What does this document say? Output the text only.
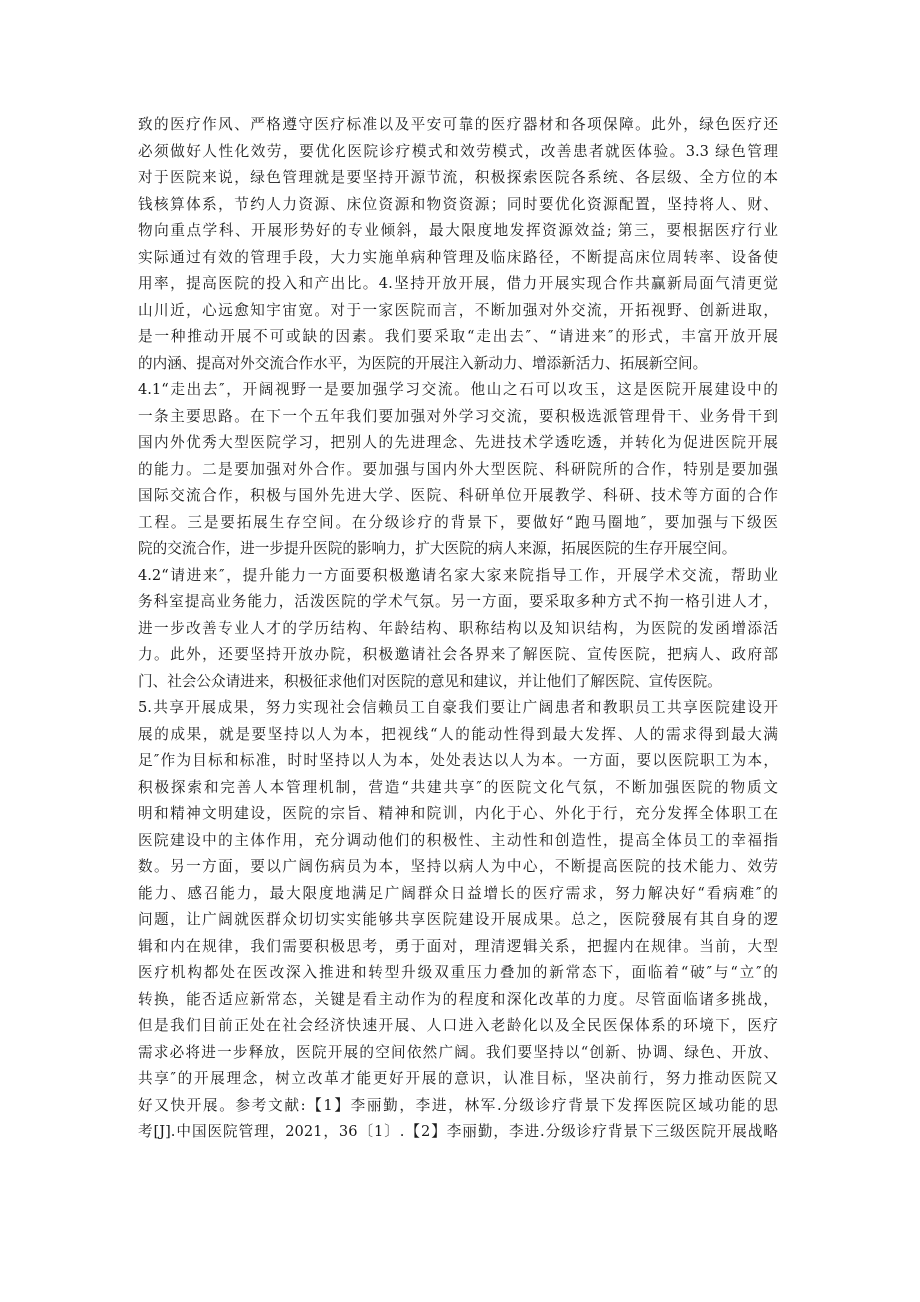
致的医疗作风、严格遵守医疗标准以及平安可靠的医疗器材和各项保障。此外，绿色医疗还
必须做好人性化效劳，要优化医院诊疗模式和效劳模式，改善患者就医体验。3.3 绿色管理
对于医院来说，绿色管理就是要坚持开源节流，积极探索医院各系统、各层级、全方位的本
钱核算体系，节约人力资源、床位资源和物资资源；同时要优化资源配置，坚持将人、财、
物向重点学科、开展形势好的专业倾斜，最大限度地发挥资源效益; 第三，要根据医疗行业
实际通过有效的管理手段，大力实施单病种管理及临床路径，不断提高床位周转率、设备使
用率，提高医院的投入和产出比。4.坚持开放开展，借力开展实现合作共赢新局面气清更觉
山川近，心远愈知宇宙宽。对于一家医院而言，不断加强对外交流，开拓视野、创新进取，
是一种推动开展不可或缺的因素。我们要采取“走出去″、“请进来″的形式，丰富开放开展
的内涵、提高对外交流合作水平，为医院的开展注入新动力、增添新活力、拓展新空间。
4.1“走出去″，开阔视野一是要加强学习交流。他山之石可以攻玉，这是医院开展建设中的
一条主要思路。在下一个五年我们要加强对外学习交流，要积极选派管理骨干、业务骨干到
国内外优秀大型医院学习，把别人的先进理念、先进技术学透吃透，并转化为促进医院开展
的能力。二是要加强对外合作。要加强与国内外大型医院、科研院所的合作，特别是要加强
国际交流合作，积极与国外先进大学、医院、科研单位开展教学、科研、技术等方面的合作
工程。三是要拓展生存空间。在分级诊疗的背景下，要做好“跑马圈地″，要加强与下级医
院的交流合作，进一步提升医院的影响力，扩大医院的病人来源，拓展医院的生存开展空间。
4.2“请进来″，提升能力一方面要积极邀请名家大家来院指导工作，开展学术交流，帮助业
务科室提高业务能力，活泼医院的学术气氛。另一方面，要采取多种方式不拘一格引进人才，
进一步改善专业人才的学历结构、年龄结构、职称结构以及知识结构，为医院的发函增添活
力。此外，还要坚持开放办院，积极邀请社会各界来了解医院、宣传医院，把病人、政府部
门、社会公众请进来，积极征求他们对医院的意见和建议，并让他们了解医院、宣传医院。
5.共享开展成果，努力实现社会信赖员工自豪我们要让广阔患者和教职员工共享医院建设开
展的成果，就是要坚持以人为本，把视线“人的能动性得到最大发挥、人的需求得到最大满
足″作为目标和标准，时时坚持以人为本，处处表达以人为本。一方面，要以医院职工为本，
积极探索和完善人本管理机制，营造“共建共享″的医院文化气氛，不断加强医院的物质文
明和精神文明建设，医院的宗旨、精神和院训，内化于心、外化于行，充分发挥全体职工在
医院建设中的主体作用，充分调动他们的积极性、主动性和创造性，提高全体员工的幸福指
数。另一方面，要以广阔伤病员为本，坚持以病人为中心，不断提高医院的技术能力、效劳
能力、感召能力，最大限度地满足广阔群众日益增长的医疗需求，努力解决好“看病难″的
问题，让广阔就医群众切切实实能够共享医院建设开展成果。总之，医院發展有其自身的逻
辑和内在规律，我们需要积极思考，勇于面对，理清逻辑关系，把握内在规律。当前，大型
医疗机构都处在医改深入推进和转型升级双重压力叠加的新常态下，面临着“破″与“立″的
转换，能否适应新常态，关键是看主动作为的程度和深化改革的力度。尽管面临诸多挑战，
但是我们目前正处在社会经济快速开展、人口进入老龄化以及全民医保体系的环境下，医疗
需求必将进一步释放，医院开展的空间依然广阔。我们要坚持以“创新、协调、绿色、开放、
共享″的开展理念，树立改革才能更好开展的意识，认准目标，坚决前行，努力推动医院又
好又快开展。参考文献:【1】李丽勤，李进，林军.分级诊疗背景下发挥医院区域功能的思
考[J].中国医院管理，2021，36〔1〕.【2】李丽勤，李进.分级诊疗背景下三级医院开展战略
